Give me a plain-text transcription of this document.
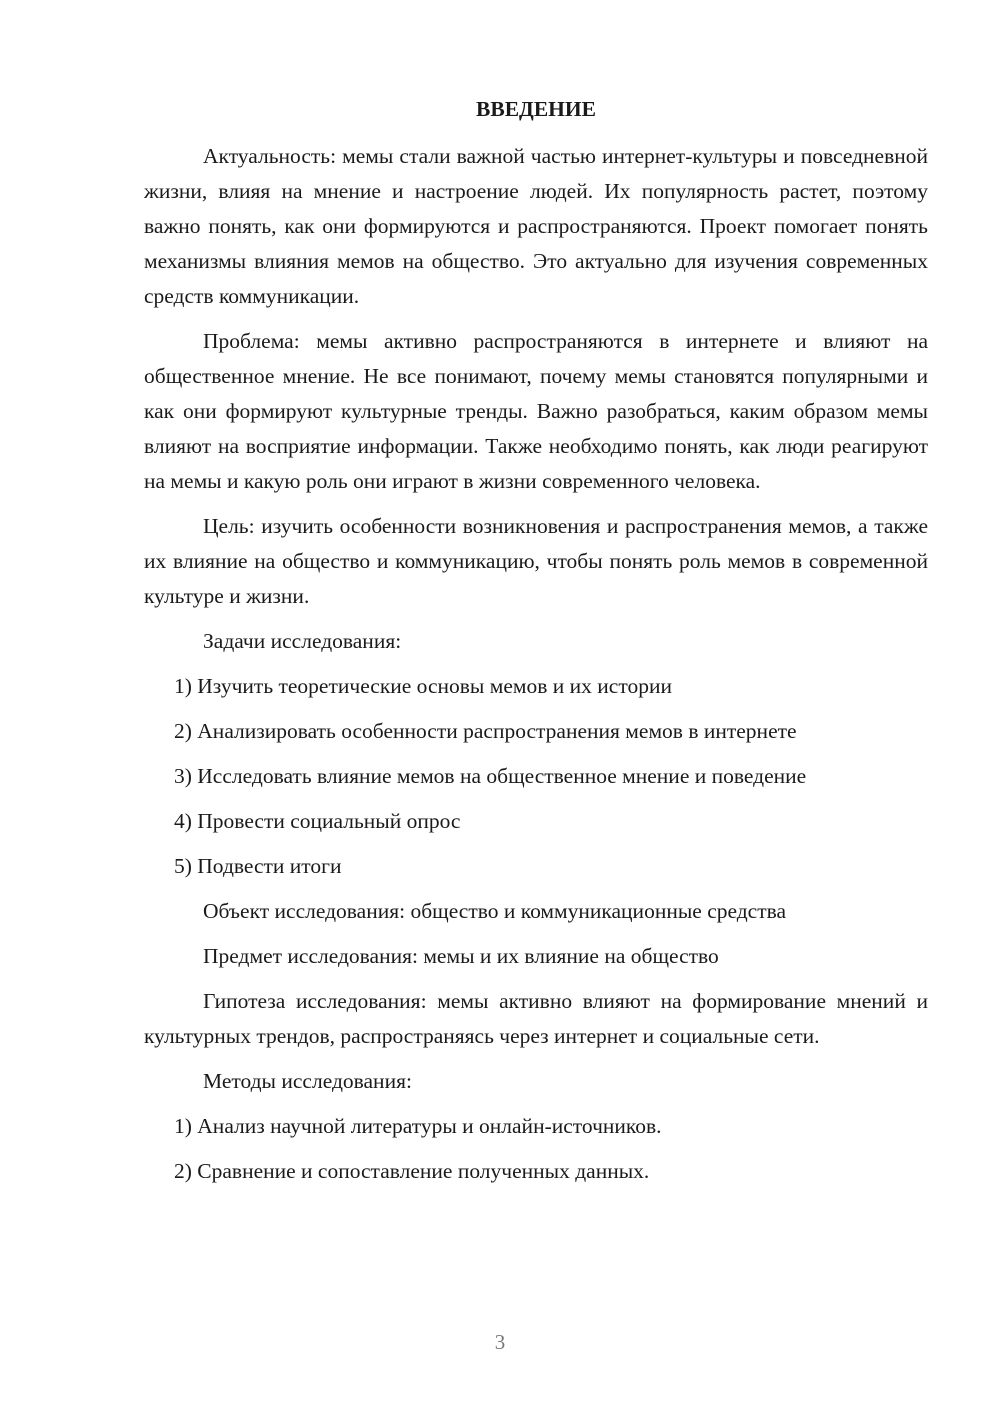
ВВЕДЕНИЕ

Актуальность: мемы стали важной частью интернет-культуры и повседневной жизни, влияя на мнение и настроение людей. Их популярность растет, поэтому важно понять, как они формируются и распространяются. Проект помогает понять механизмы влияния мемов на общество. Это актуально для изучения современных средств коммуникации.

Проблема: мемы активно распространяются в интернете и влияют на общественное мнение. Не все понимают, почему мемы становятся популярными и как они формируют культурные тренды. Важно разобраться, каким образом мемы влияют на восприятие информации. Также необходимо понять, как люди реагируют на мемы и какую роль они играют в жизни современного человека.

Цель: изучить особенности возникновения и распространения мемов, а также их влияние на общество и коммуникацию, чтобы понять роль мемов в современной культуре и жизни.

Задачи исследования:
1) Изучить теоретические основы мемов и их истории
2) Анализировать особенности распространения мемов в интернете
3) Исследовать влияние мемов на общественное мнение и поведение
4) Провести социальный опрос
5) Подвести итоги
Объект исследования: общество и коммуникационные средства
Предмет исследования: мемы и их влияние на общество

Гипотеза исследования: мемы активно влияют на формирование мнений и культурных трендов, распространяясь через интернет и социальные сети.

Методы исследования:
1) Анализ научной литературы и онлайн-источников.
2) Сравнение и сопоставление полученных данных.
3
